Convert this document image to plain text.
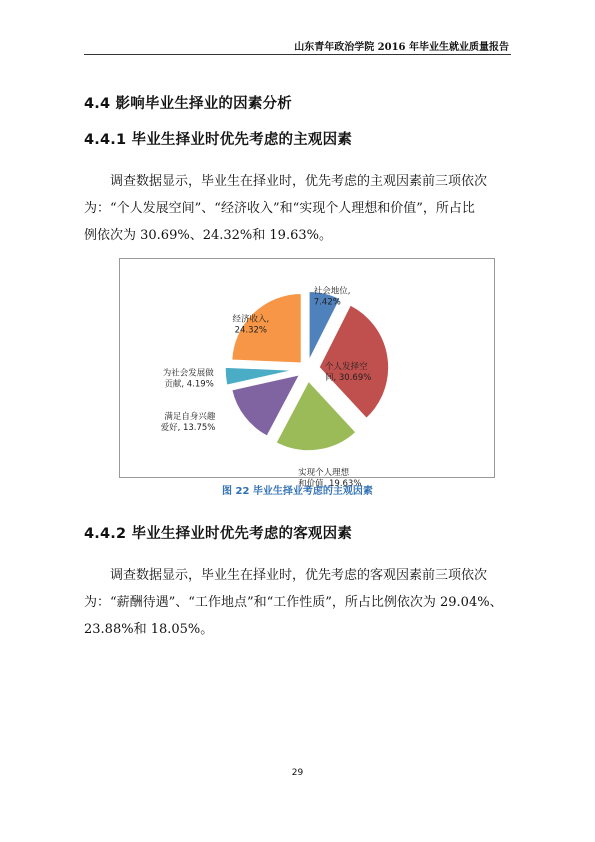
山东青年政治学院 2016 年毕业生就业质量报告
4.4 影响毕业生择业的因素分析
4.4.1 毕业生择业时优先考虑的主观因素
　　调查数据显示，毕业生在择业时，优先考虑的主观因素前三项依次
为：“个人发展空间”、“经济收入”和“实现个人理想和价值”，所占比
例依次为 30.69%、24.32%和 19.63%。
社会地位, 7.42%
个人发择空间, 30.69%
实现个人理想和价值, 19.63%
满足自身兴趣爱好, 13.75%
为社会发展做贡献, 4.19%
经济收入, 24.32%
图 22 毕业生择业考虑的主观因素
4.4.2 毕业生择业时优先考虑的客观因素
　　调查数据显示，毕业生在择业时，优先考虑的客观因素前三项依次
为：“薪酬待遇”、“工作地点”和“工作性质”，所占比例依次为 29.04%、
23.88%和 18.05%。
29
